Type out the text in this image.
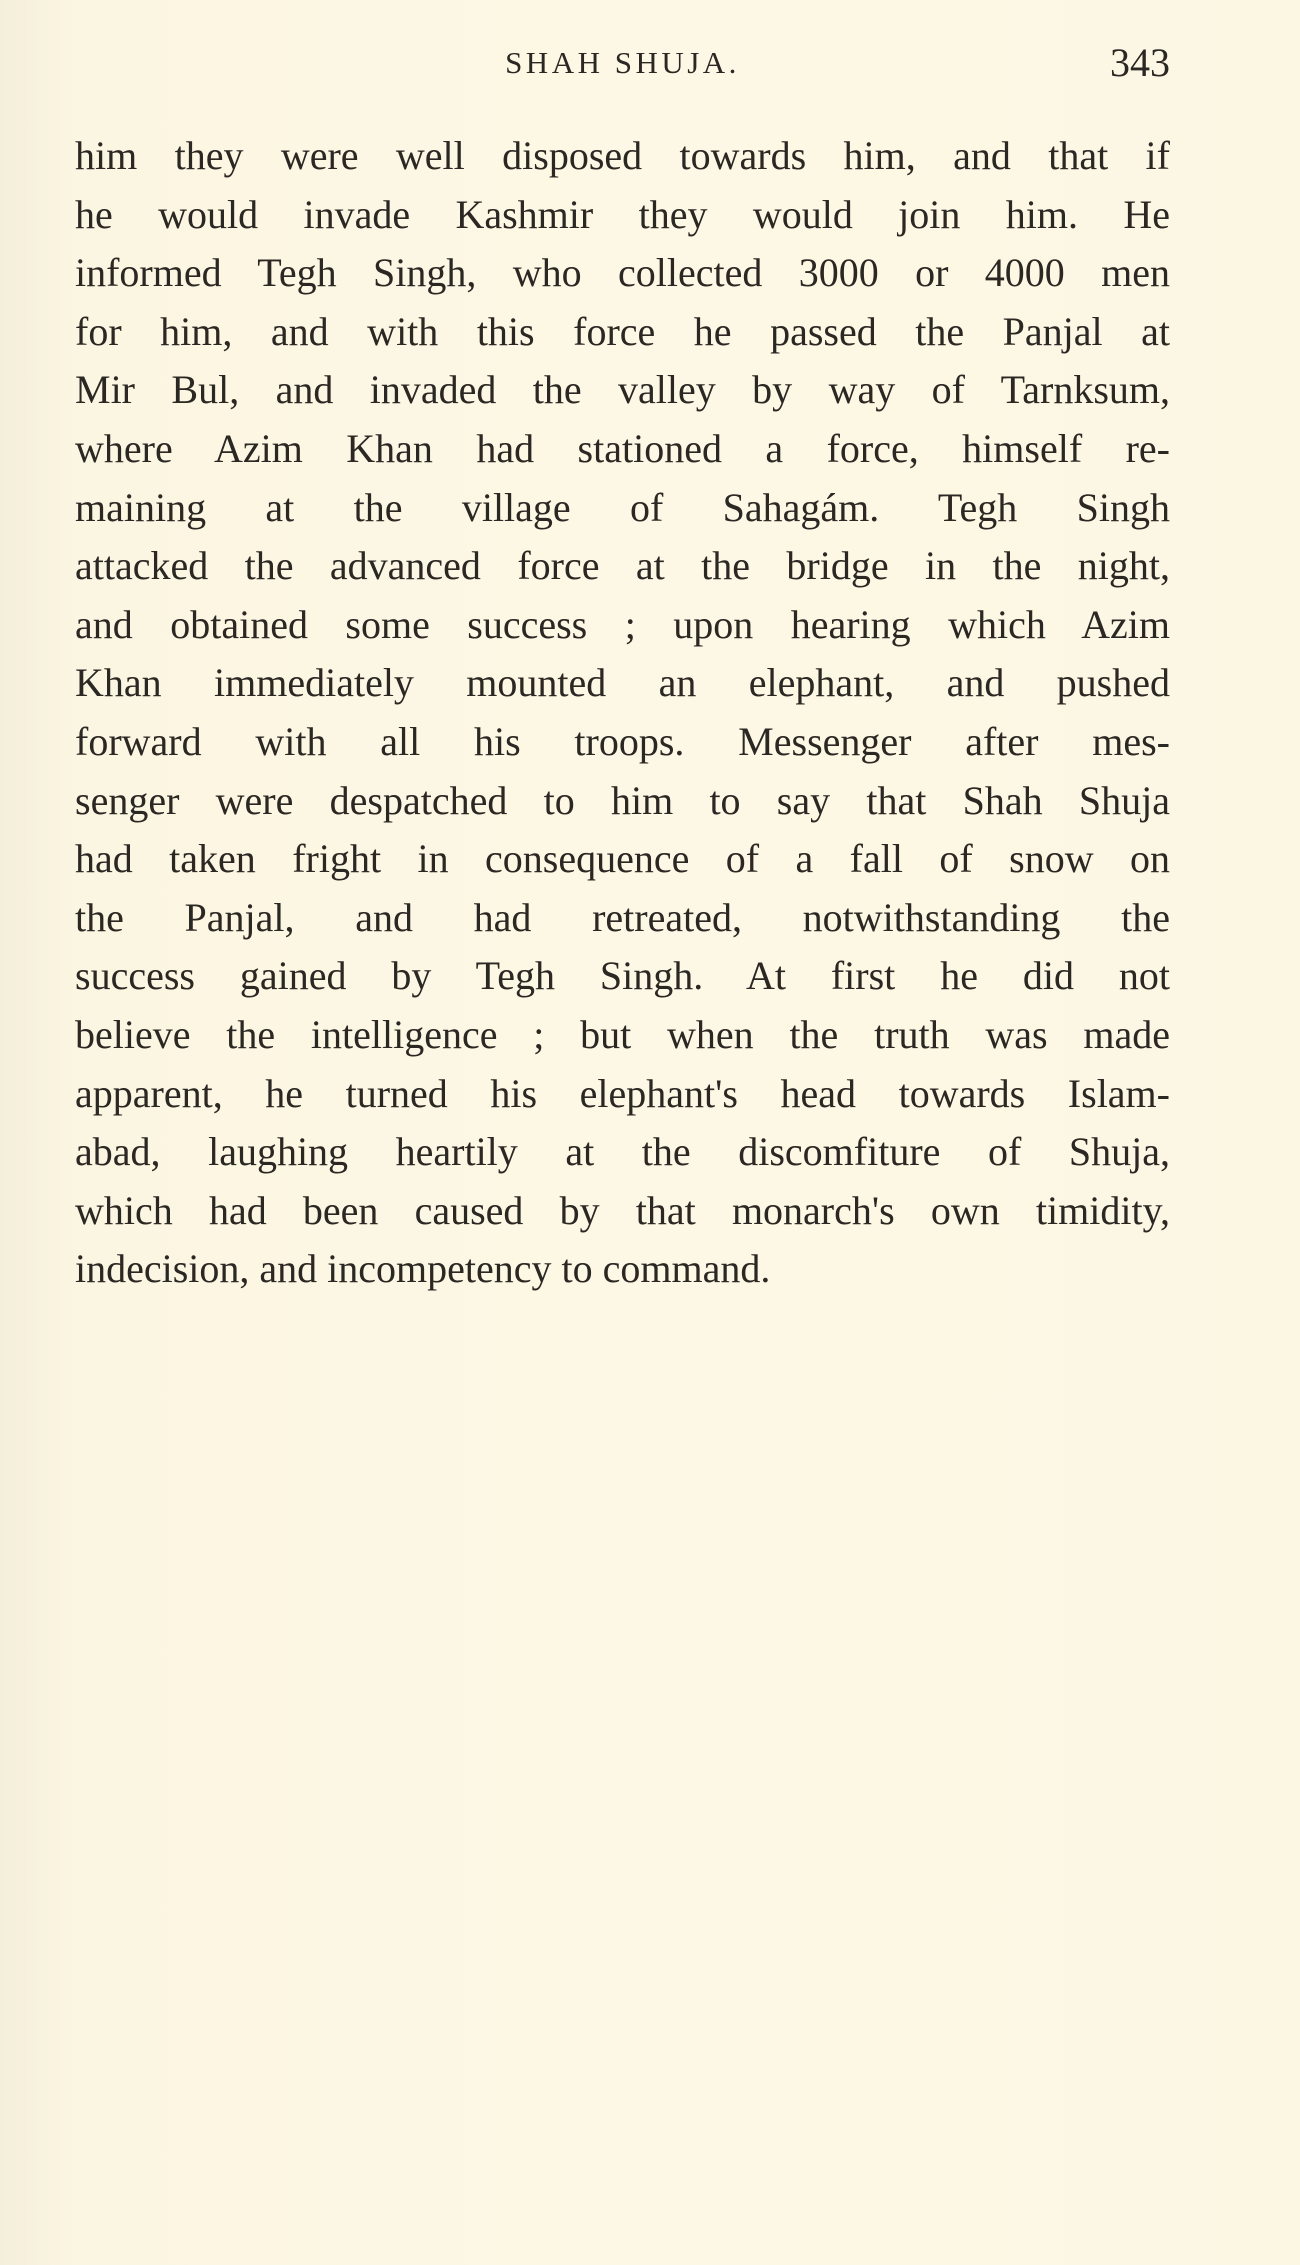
SHAH SHUJA.	343
him they were well disposed towards him, and that if
he would invade Kashmir they would join him. He
informed Tegh Singh, who collected 3000 or 4000 men
for him, and with this force he passed the Panjal at
Mir Bul, and invaded the valley by way of Tarnksum,
where Azim Khan had stationed a force, himself re-
maining at the village of Sahagám. Tegh Singh
attacked the advanced force at the bridge in the night,
and obtained some success ; upon hearing which Azim
Khan immediately mounted an elephant, and pushed
forward with all his troops. Messenger after mes-
senger were despatched to him to say that Shah Shuja
had taken fright in consequence of a fall of snow on
the Panjal, and had retreated, notwithstanding the
success gained by Tegh Singh. At first he did not
believe the intelligence ; but when the truth was made
apparent, he turned his elephant's head towards Islam-
abad, laughing heartily at the discomfiture of Shuja,
which had been caused by that monarch's own timidity,
indecision, and incompetency to command.
